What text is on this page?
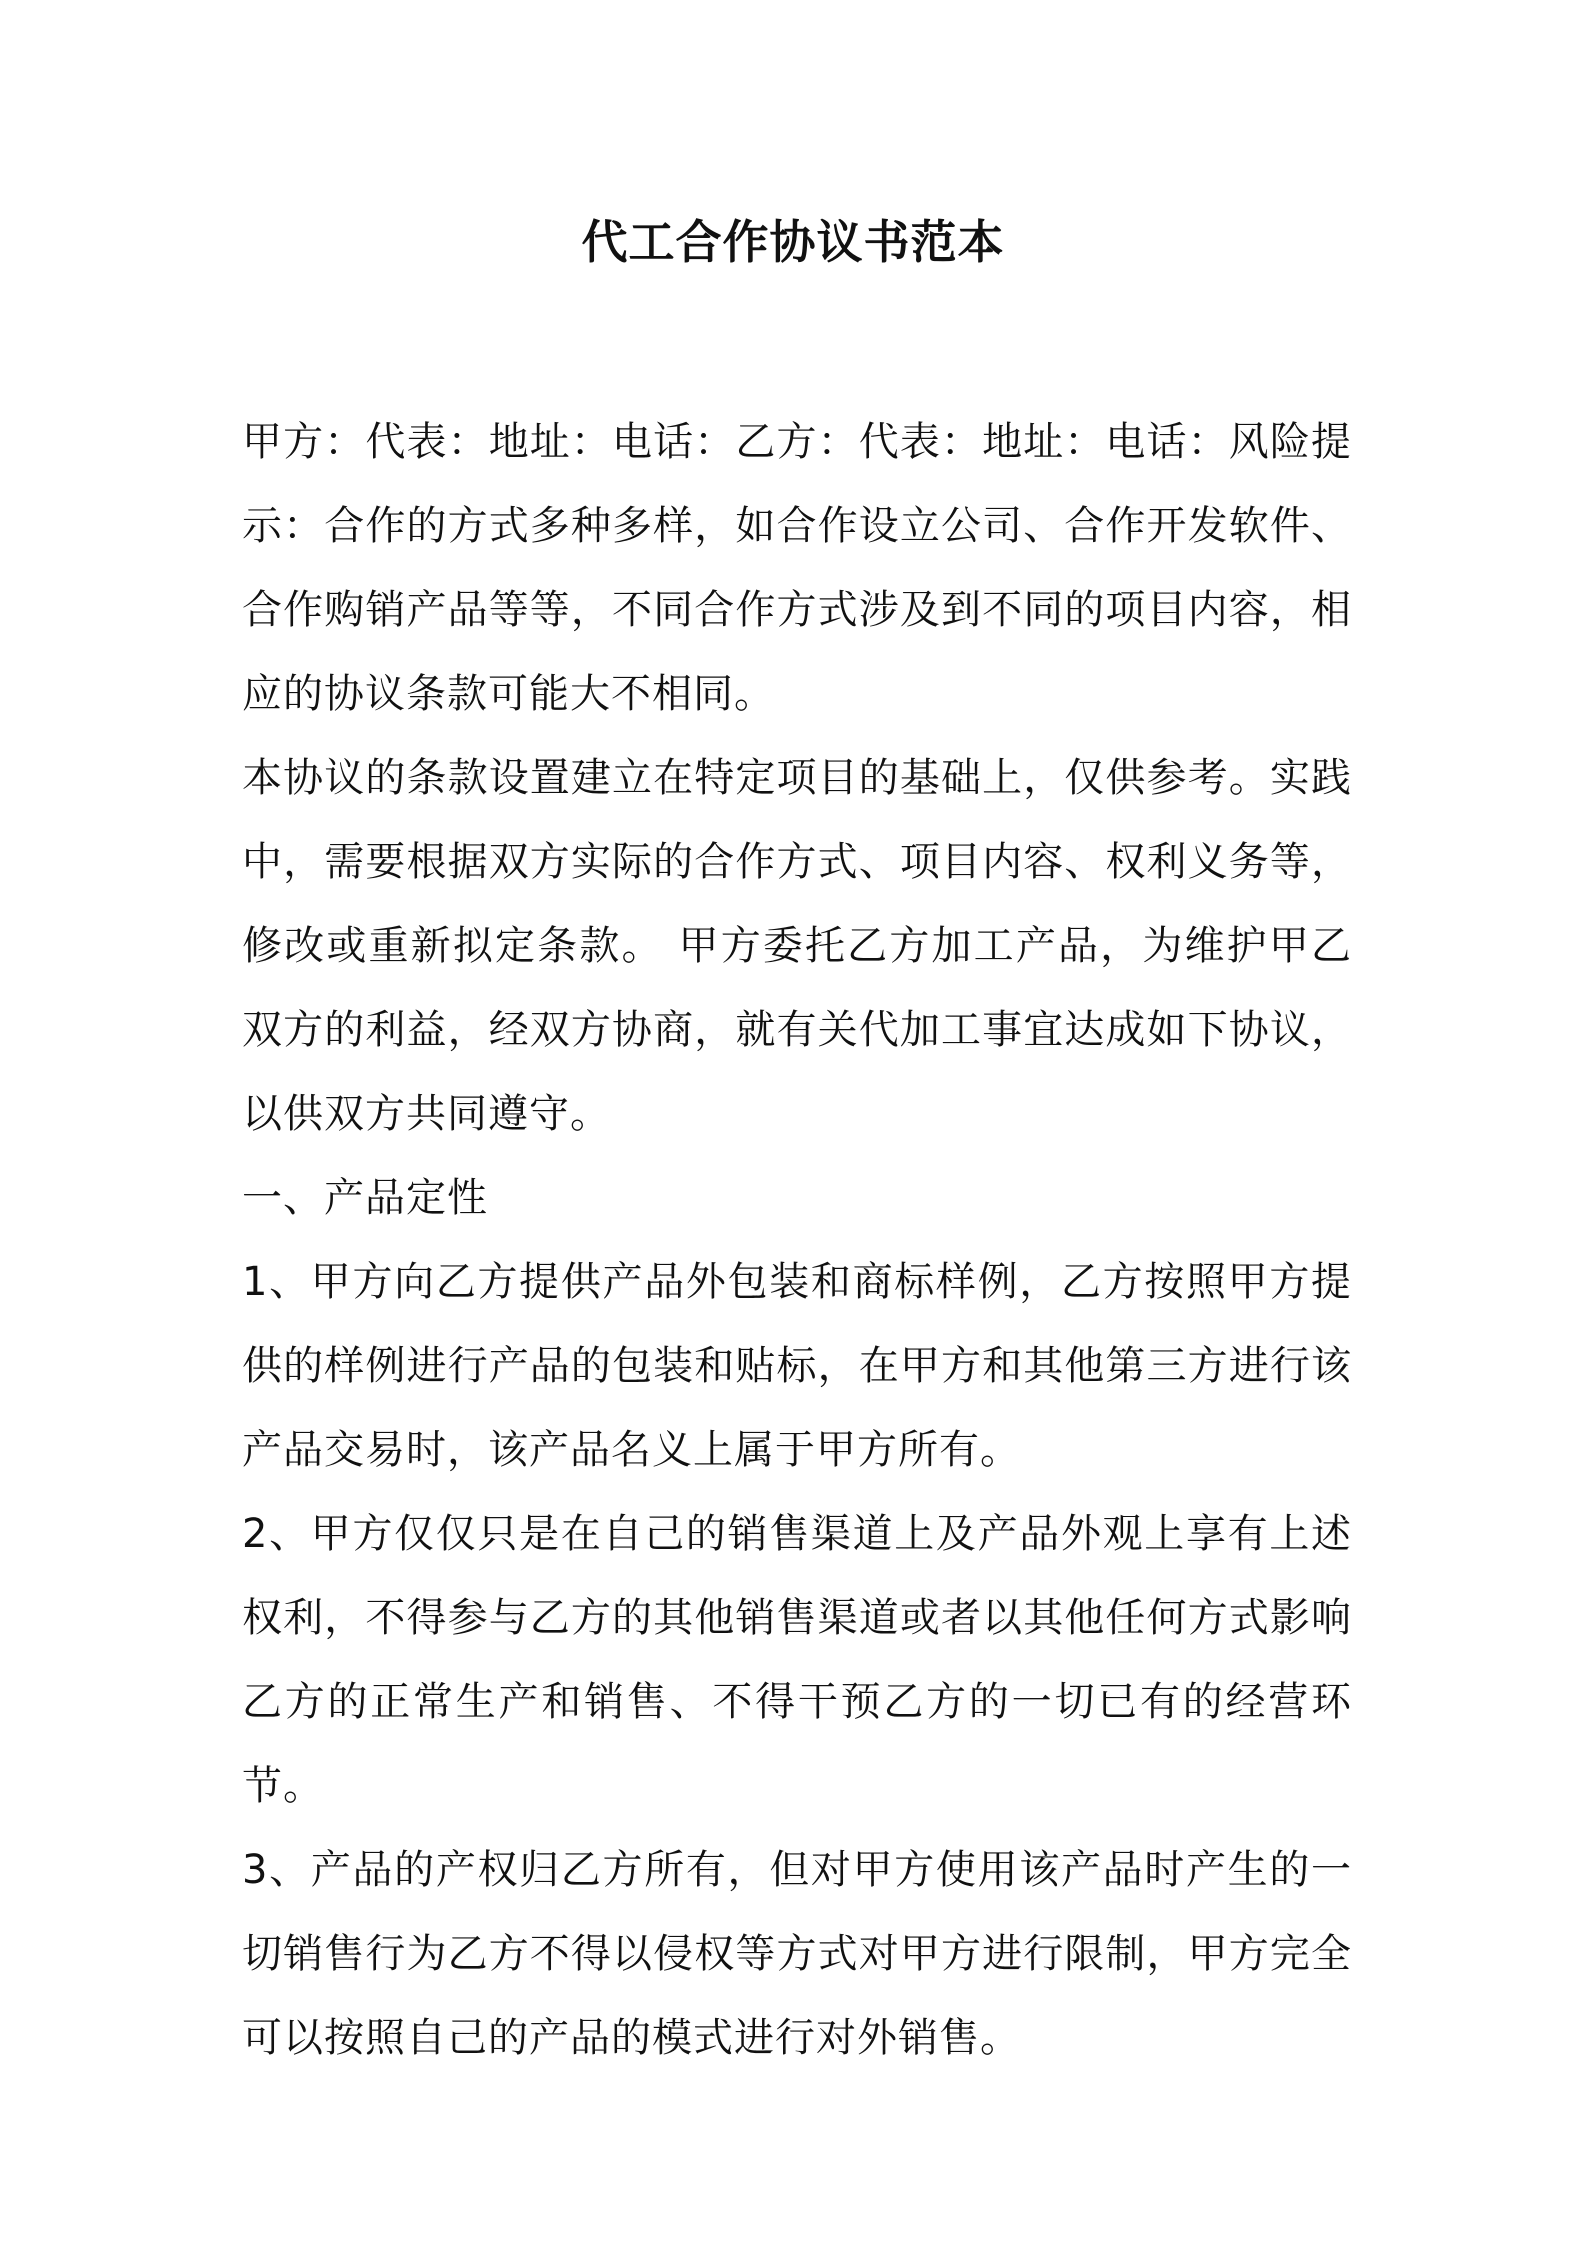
代工合作协议书范本

甲方：代表：地址：电话：乙方：代表：地址：电话：风险提示：合作的方式多种多样，如合作设立公司、合作开发软件、合作购销产品等等，不同合作方式涉及到不同的项目内容，相应的协议条款可能大不相同。

本协议的条款设置建立在特定项目的基础上，仅供参考。实践中，需要根据双方实际的合作方式、项目内容、权利义务等，修改或重新拟定条款。 甲方委托乙方加工产品，为维护甲乙双方的利益，经双方协商，就有关代加工事宜达成如下协议，以供双方共同遵守。

一、产品定性

1、甲方向乙方提供产品外包装和商标样例，乙方按照甲方提供的样例进行产品的包装和贴标，在甲方和其他第三方进行该产品交易时，该产品名义上属于甲方所有。

2、甲方仅仅只是在自己的销售渠道上及产品外观上享有上述权利，不得参与乙方的其他销售渠道或者以其他任何方式影响乙方的正常生产和销售、不得干预乙方的一切已有的经营环节。

3、产品的产权归乙方所有，但对甲方使用该产品时产生的一切销售行为乙方不得以侵权等方式对甲方进行限制，甲方完全可以按照自己的产品的模式进行对外销售。
